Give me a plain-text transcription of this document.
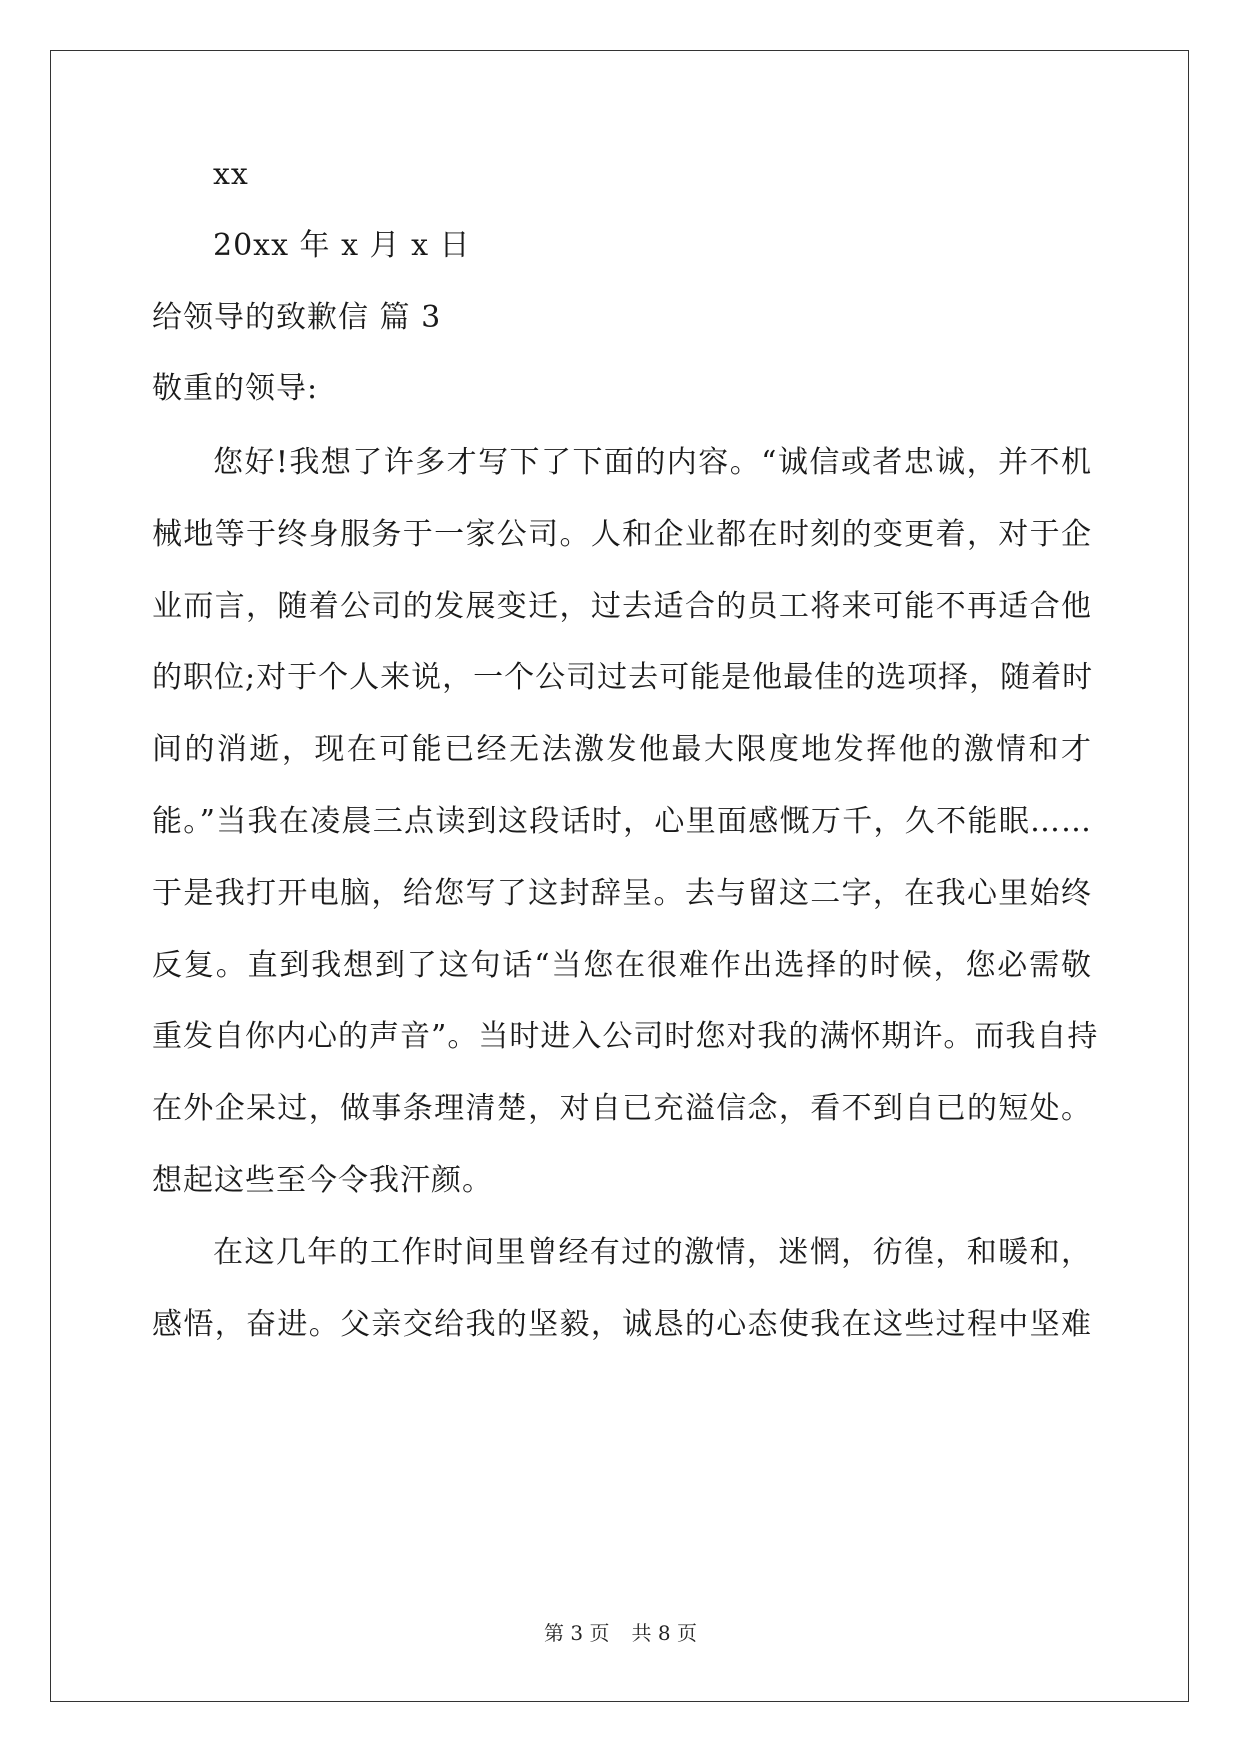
xx
20xx 年 x 月 x 日
给领导的致歉信 篇 3
敬重的领导:
您好!我想了许多才写下了下面的内容。“诚信或者忠诚，并不机
械地等于终身服务于一家公司。人和企业都在时刻的变更着，对于企
业而言，随着公司的发展变迁，过去适合的员工将来可能不再适合他
的职位;对于个人来说，一个公司过去可能是他最佳的选项择，随着时
间的消逝，现在可能已经无法激发他最大限度地发挥他的激情和才
能。”当我在凌晨三点读到这段话时，心里面感慨万千，久不能眠……
于是我打开电脑，给您写了这封辞呈。去与留这二字，在我心里始终
反复。直到我想到了这句话“当您在很难作出选择的时候，您必需敬
重发自你内心的声音”。当时进入公司时您对我的满怀期许。而我自持
在外企呆过，做事条理清楚，对自已充溢信念，看不到自已的短处。
想起这些至今令我汗颜。
在这几年的工作时间里曾经有过的激情，迷惘，彷徨，和暖和，
感悟，奋进。父亲交给我的坚毅，诚恳的心态使我在这些过程中坚难
第 3 页 共 8 页
